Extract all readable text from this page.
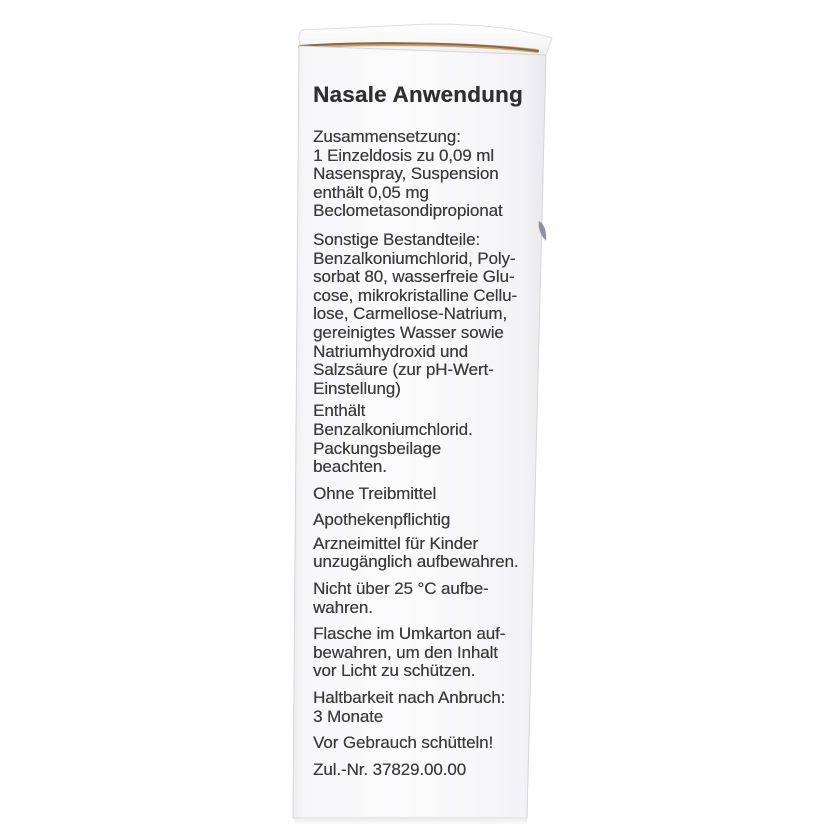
Nasale Anwendung
Zusammensetzung:
1 Einzeldosis zu 0,09 ml
Nasenspray, Suspension
enthält 0,05 mg
Beclometasondipropionat
Sonstige Bestandteile:
Benzalkoniumchlorid, Poly-
sorbat 80, wasserfreie Glu-
cose, mikrokristalline Cellu-
lose, Carmellose-Natrium,
gereinigtes Wasser sowie
Natriumhydroxid und
Salzsäure (zur pH-Wert-
Einstellung)
Enthält
Benzalkoniumchlorid.
Packungsbeilage
beachten.
Ohne Treibmittel
Apothekenpflichtig
Arzneimittel für Kinder
unzugänglich aufbewahren.
Nicht über 25 °C aufbe-
wahren.
Flasche im Umkarton auf-
bewahren, um den Inhalt
vor Licht zu schützen.
Haltbarkeit nach Anbruch:
3 Monate
Vor Gebrauch schütteln!
Zul.-Nr. 37829.00.00
